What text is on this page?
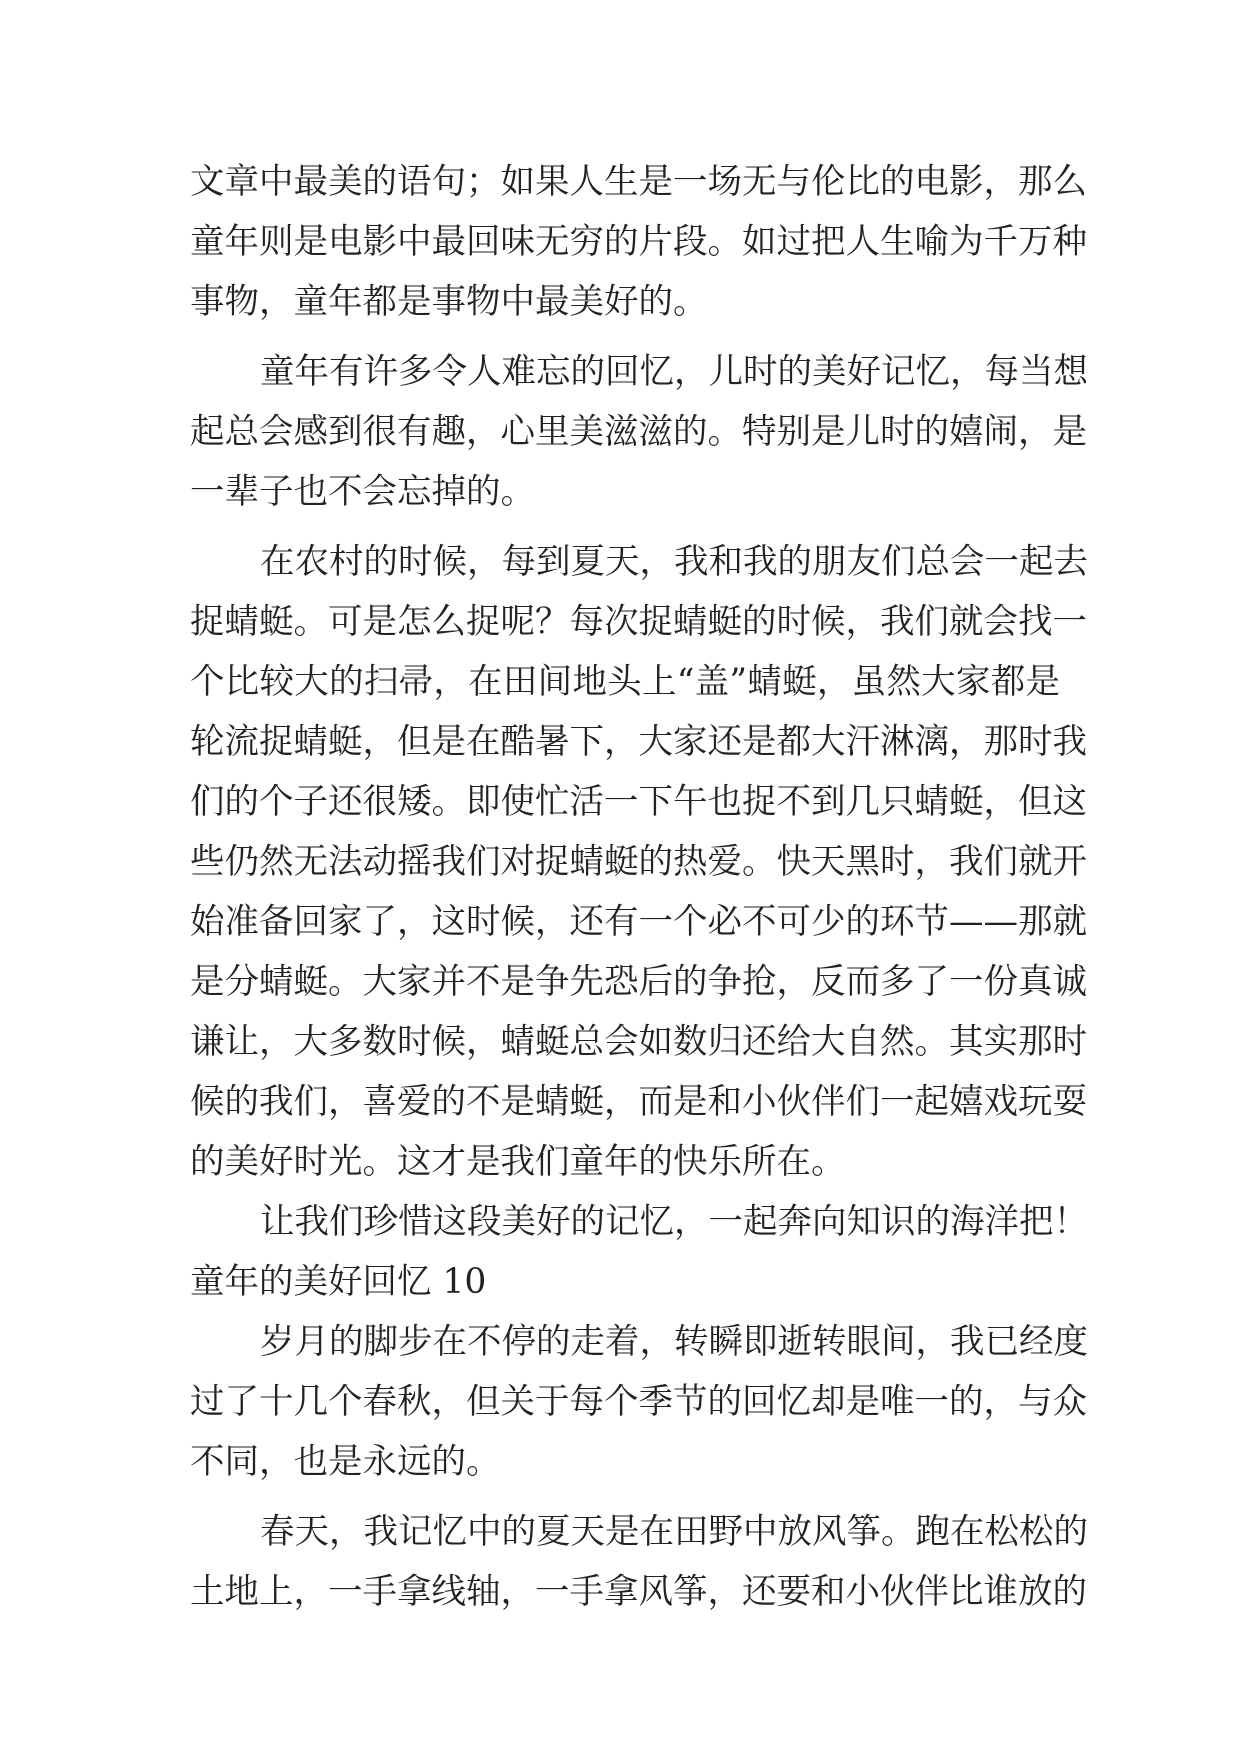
文章中最美的语句；如果人生是一场无与伦比的电影，那么

童年则是电影中最回味无穷的片段。如过把人生喻为千万种

事物，童年都是事物中最美好的。

童年有许多令人难忘的回忆，儿时的美好记忆，每当想

起总会感到很有趣，心里美滋滋的。特别是儿时的嬉闹，是

一辈子也不会忘掉的。

在农村的时候，每到夏天，我和我的朋友们总会一起去

捉蜻蜓。可是怎么捉呢？每次捉蜻蜓的时候，我们就会找一

个比较大的扫帚，在田间地头上“盖”蜻蜓，虽然大家都是

轮流捉蜻蜓，但是在酷暑下，大家还是都大汗淋漓，那时我

们的个子还很矮。即使忙活一下午也捉不到几只蜻蜓，但这

些仍然无法动摇我们对捉蜻蜓的热爱。快天黑时，我们就开

始准备回家了，这时候，还有一个必不可少的环节——那就

是分蜻蜓。大家并不是争先恐后的争抢，反而多了一份真诚

谦让，大多数时候，蜻蜓总会如数归还给大自然。其实那时

候的我们，喜爱的不是蜻蜓，而是和小伙伴们一起嬉戏玩耍

的美好时光。这才是我们童年的快乐所在。

让我们珍惜这段美好的记忆，一起奔向知识的海洋把！

童年的美好回忆 10

岁月的脚步在不停的走着，转瞬即逝转眼间，我已经度

过了十几个春秋，但关于每个季节的回忆却是唯一的，与众

不同，也是永远的。

春天，我记忆中的夏天是在田野中放风筝。跑在松松的

土地上，一手拿线轴，一手拿风筝，还要和小伙伴比谁放的
